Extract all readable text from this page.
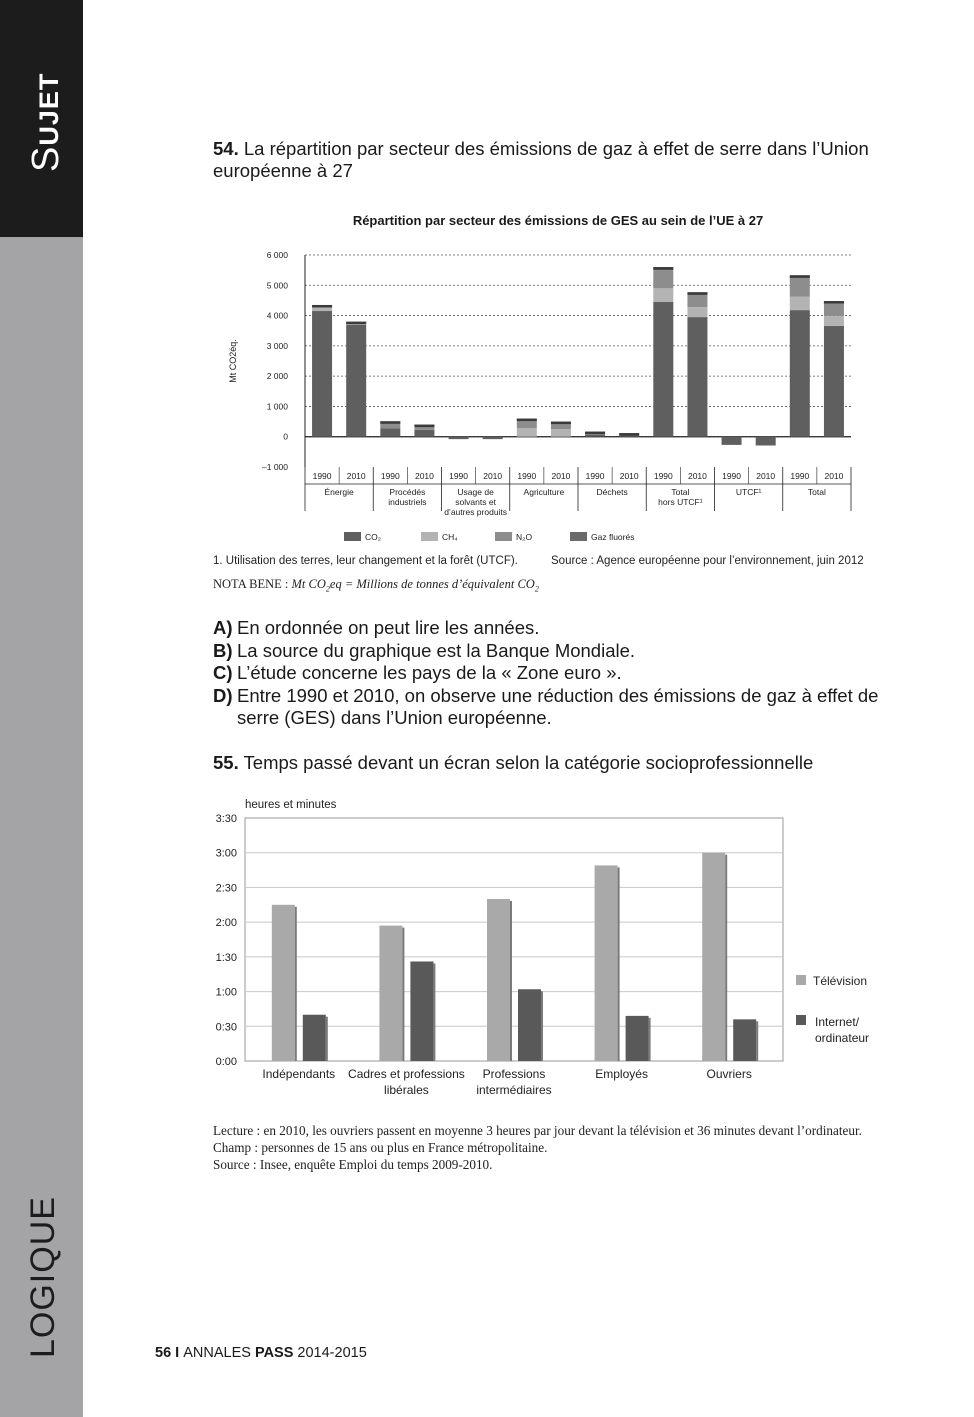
SUJET
LOGIQUE
54. La répartition par secteur des émissions de gaz à effet de serre dans l’Union européenne à 27
Répartition par secteur des émissions de GES au sein de l’UE à 27
6 000
5 000
4 000
3 000
2 000
1 000
0
–1 000
Mt CO2éq.
Énergie
1990 2010
Procédés
industriels
1990 2010
Usage de
solvants et
d’autres produits
1990 2010
Agriculture
1990 2010
Déchets
1990 2010
Total
hors UTCF¹
1990 2010
UTCF¹
1990 2010
Total
1990 2010
CO₂	CH₄	N₂O	Gaz fluorés
1. Utilisation des terres, leur changement et la forêt (UTCF).	Source : Agence européenne pour l’environnement, juin 2012
NOTA BENE : Mt $CO_2eq$ = Millions de tonnes d’équivalent $CO_2$
A) En ordonnée on peut lire les années.
B) La source du graphique est la Banque Mondiale.
C) L’étude concerne les pays de la « Zone euro ».
D) Entre 1990 et 2010, on observe une réduction des émissions de gaz à effet de serre (GES) dans l’Union européenne.
55. Temps passé devant un écran selon la catégorie socioprofessionnelle
0:00
0:30
1:00
1:30
2:00
2:30
3:00
3:30
heures et minutes
Indépendants Cadres et professions
libérales
Professions
intermédiaires
Employés	Ouvriers
Télévision
Internet/
ordinateur
Lecture : en 2010, les ouvriers passent en moyenne 3 heures par jour devant la télévision et 36 minutes devant l’ordinateur.
Champ : personnes de 15 ans ou plus en France métropolitaine.
Source : Insee, enquête Emploi du temps 2009-2010.
56 I ANNALES PASS 2014-2015
